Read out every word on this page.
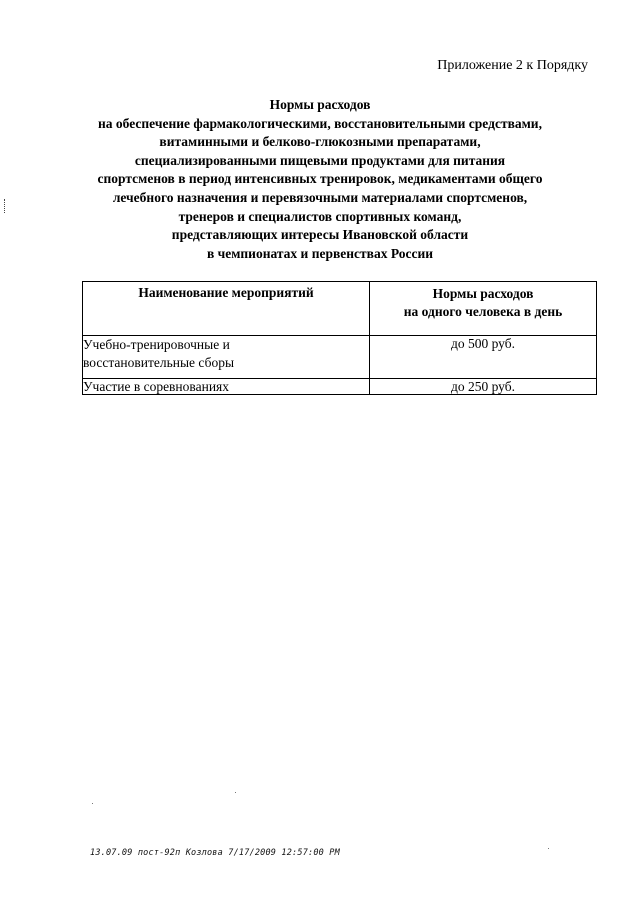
Приложение 2 к Порядку
Нормы расходов
на обеспечение фармакологическими, восстановительными средствами,
витаминными и белково-глюкозными препаратами,
специализированными пищевыми продуктами для питания
спортсменов в период интенсивных тренировок, медикаментами общего
лечебного назначения и перевязочными материалами спортсменов,
тренеров и специалистов спортивных команд,
представляющих интересы Ивановской области
в чемпионатах и первенствах России
Наименование мероприятий	Нормы расходов
на одного человека в день

Учебно-тренировочные и
восстановительные сборы	до 500 руб.
Участие в соревнованиях	до 250 руб.
13.07.09 пост-92п Козлова 7/17/2009 12:57:00 PM
